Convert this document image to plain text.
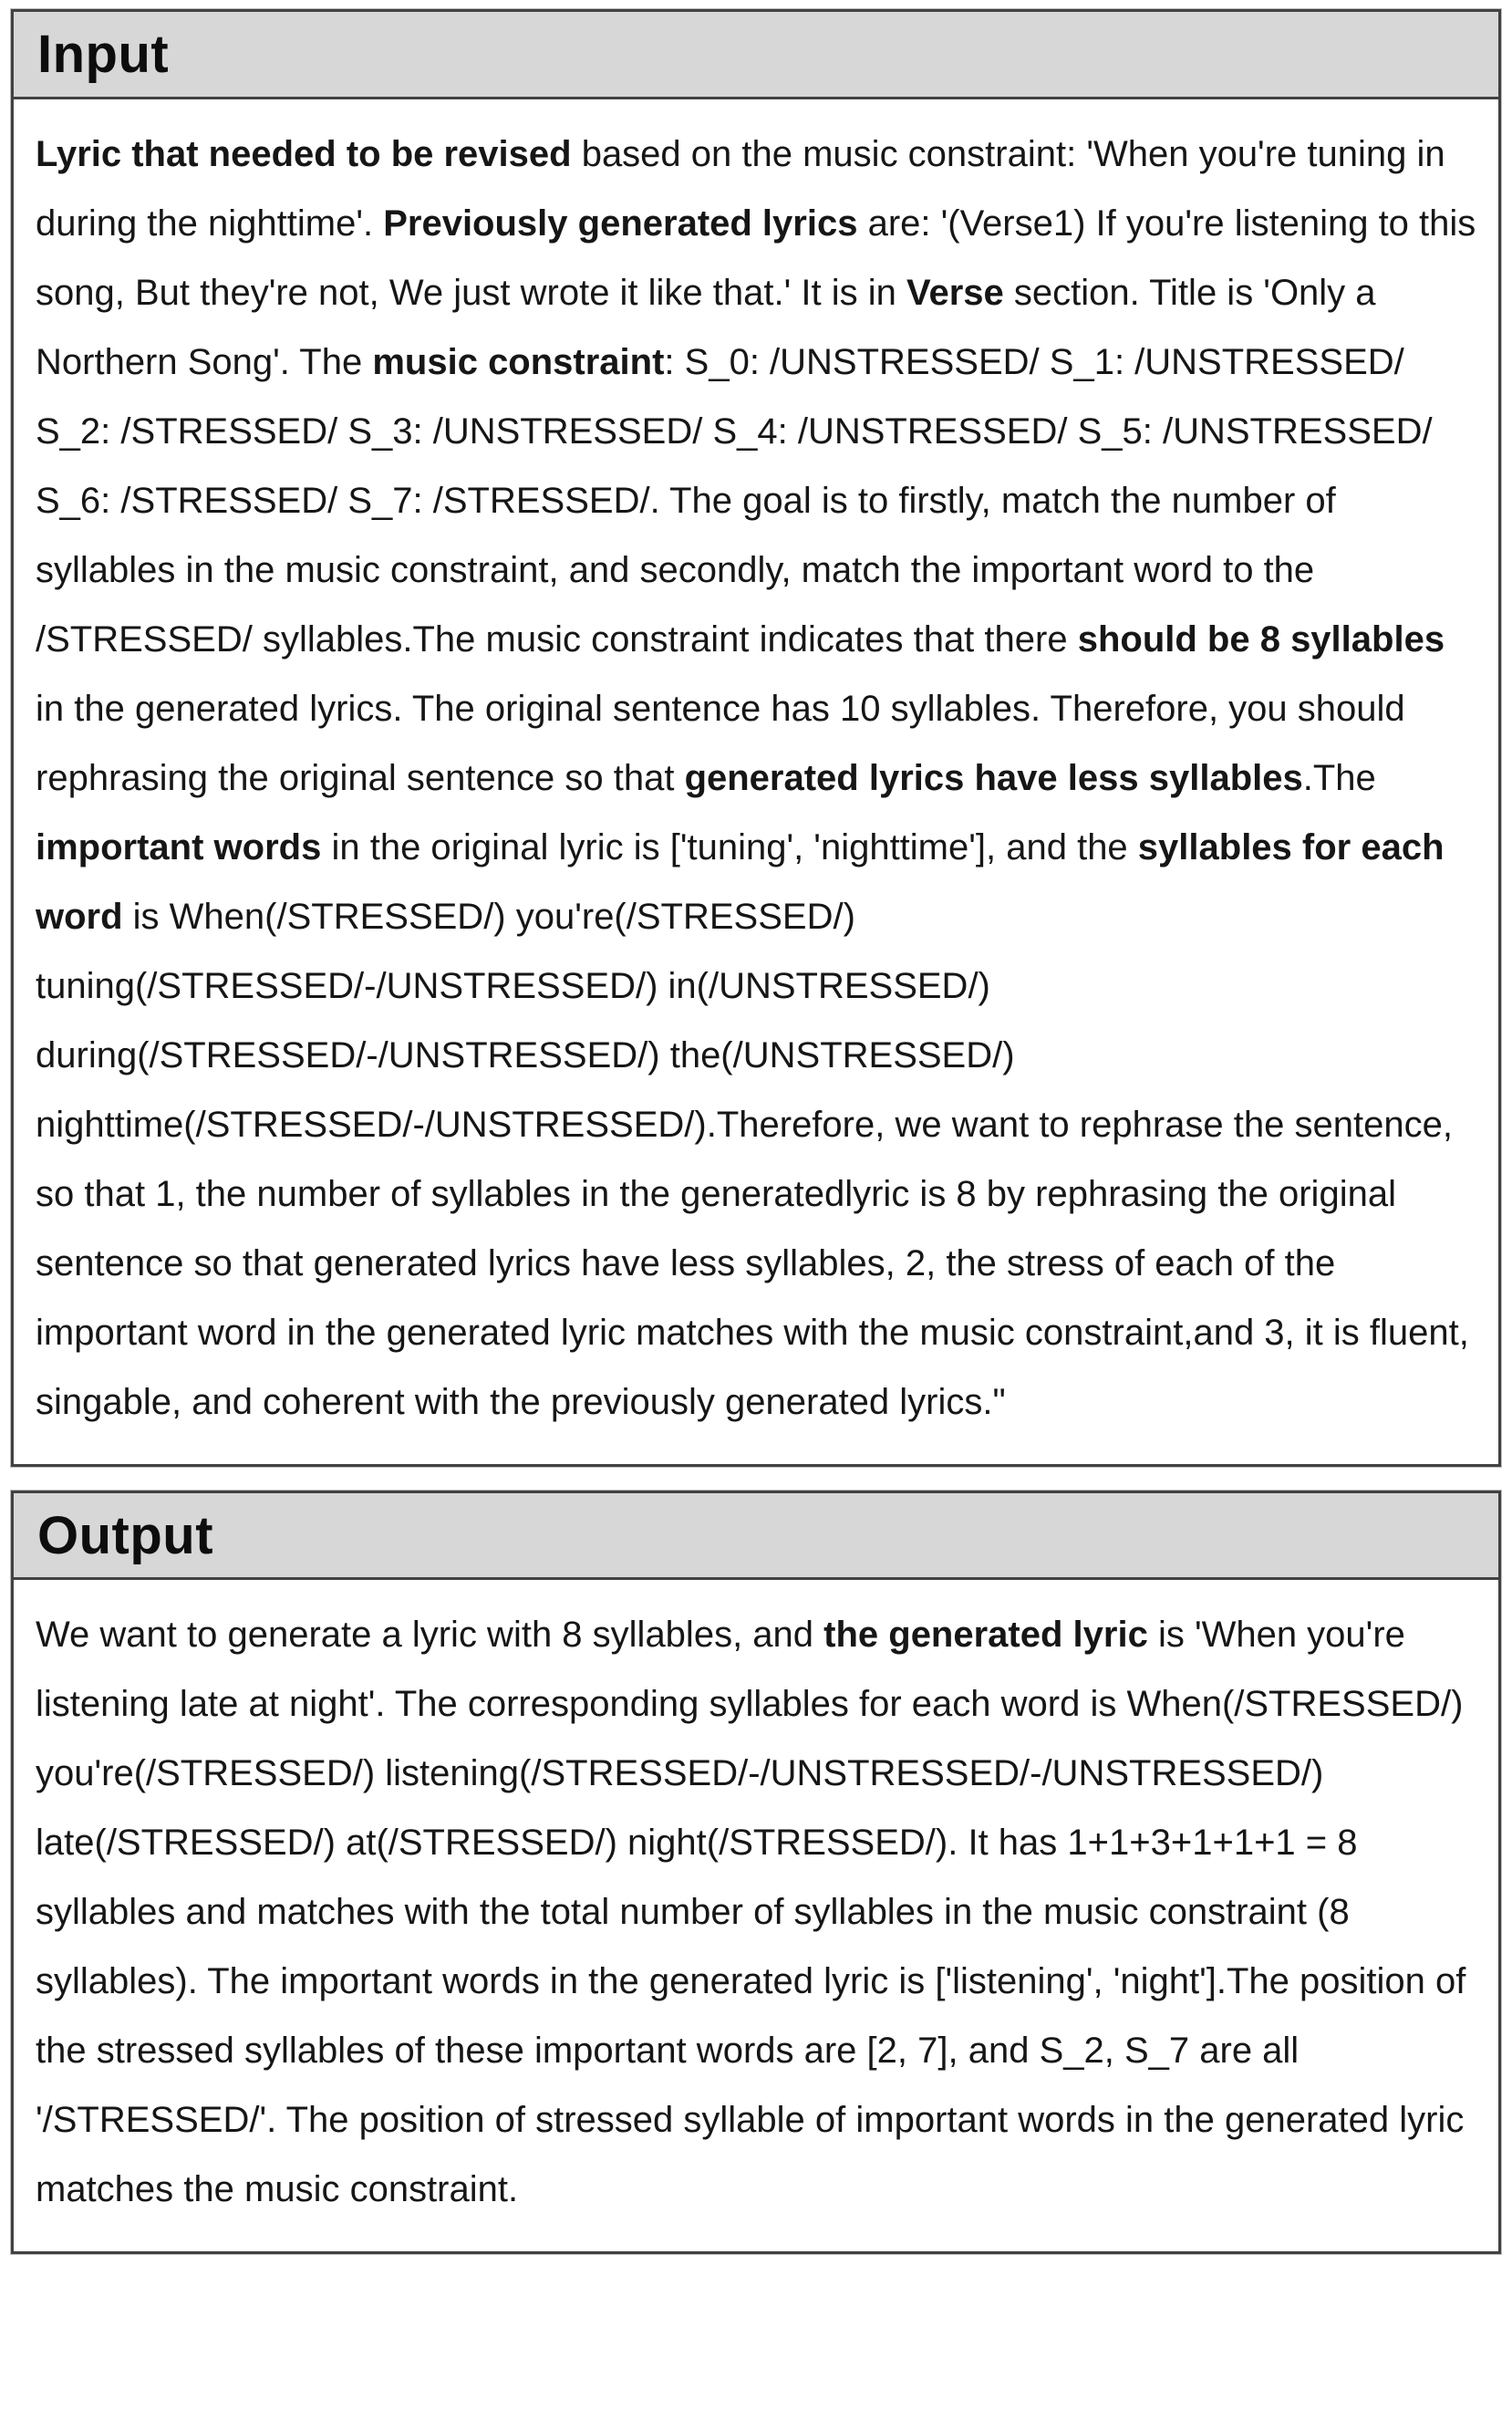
Input
Lyric that needed to be revised based on the music constraint: 'When you're tuning in during the nighttime'. Previously generated lyrics are: '(Verse1) If you're listening to this song, But they're not, We just wrote it like that.' It is in Verse section. Title is 'Only a Northern Song'. The music constraint: S_0: /UNSTRESSED/ S_1: /UNSTRESSED/ S_2: /STRESSED/ S_3: /UNSTRESSED/ S_4: /UNSTRESSED/ S_5: /UNSTRESSED/ S_6: /STRESSED/ S_7: /STRESSED/. The goal is to firstly, match the number of syllables in the music constraint, and secondly, match the important word to the /STRESSED/ syllables.The music constraint indicates that there should be 8 syllables in the generated lyrics. The original sentence has 10 syllables. Therefore, you should rephrasing the original sentence so that generated lyrics have less syllables.The important words in the original lyric is ['tuning', 'nighttime'], and the syllables for each word is When(/STRESSED/) you're(/STRESSED/) tuning(/STRESSED/-/UNSTRESSED/) in(/UNSTRESSED/) during(/STRESSED/-/UNSTRESSED/) the(/UNSTRESSED/) nighttime(/STRESSED/-/UNSTRESSED/).Therefore, we want to rephrase the sentence, so that 1, the number of syllables in the generatedlyric is 8 by rephrasing the original sentence so that generated lyrics have less syllables, 2, the stress of each of the important word in the generated lyric matches with the music constraint,and 3, it is fluent, singable, and coherent with the previously generated lyrics."
Output
We want to generate a lyric with 8 syllables, and the generated lyric is 'When you're listening late at night'. The corresponding syllables for each word is When(/STRESSED/) you're(/STRESSED/) listening(/STRESSED/-/UNSTRESSED/-/UNSTRESSED/) late(/STRESSED/) at(/STRESSED/) night(/STRESSED/). It has 1+1+3+1+1+1 = 8 syllables and matches with the total number of syllables in the music constraint (8 syllables). The important words in the generated lyric is ['listening', 'night'].The position of the stressed syllables of these important words are [2, 7], and S_2, S_7 are all '/STRESSED/'. The position of stressed syllable of important words in the generated lyric matches the music constraint.
